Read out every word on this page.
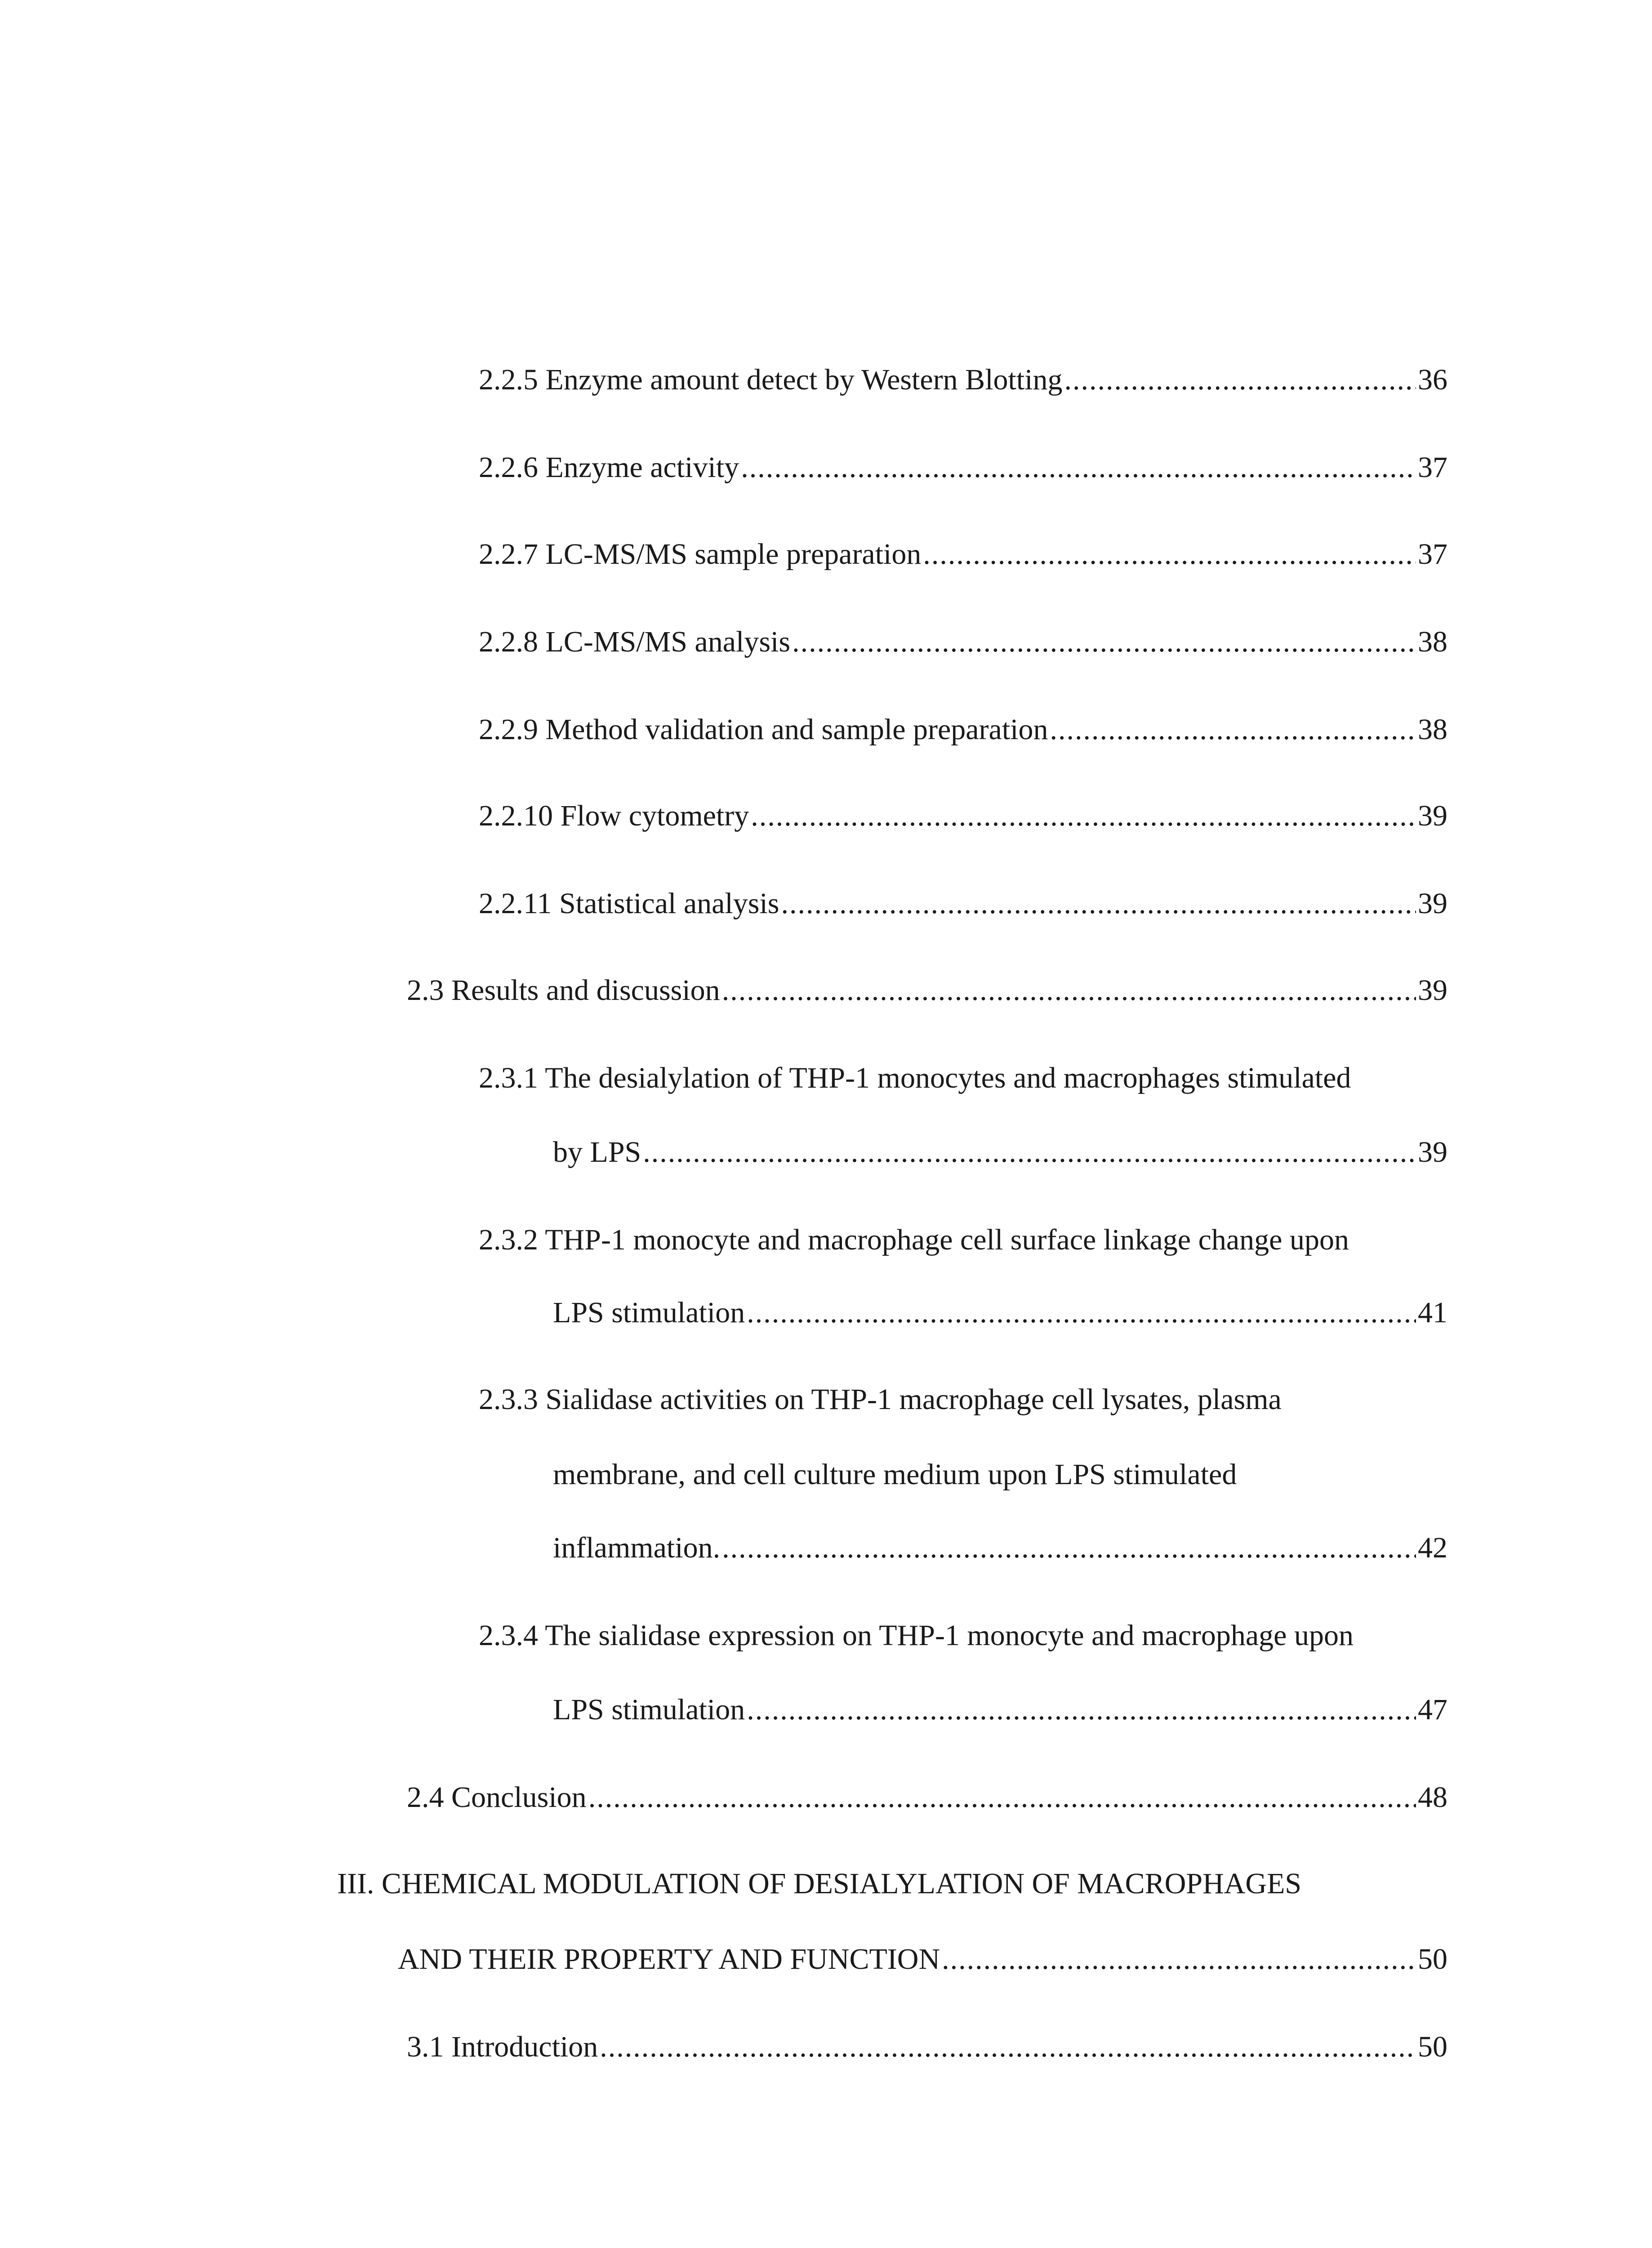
2.2.5 Enzyme amount detect by Western Blotting .....	36
2.2.6 Enzyme activity .....	37
2.2.7 LC-MS/MS sample preparation .....	37
2.2.8 LC-MS/MS analysis .....	38
2.2.9 Method validation and sample preparation .....	38
2.2.10 Flow cytometry .....	39
2.2.11 Statistical analysis .....	39
2.3 Results and discussion .....	39
2.3.1 The desialylation of THP-1 monocytes and macrophages stimulated
by LPS .....	39
2.3.2 THP-1 monocyte and macrophage cell surface linkage change upon
LPS stimulation .....	41
2.3.3 Sialidase activities on THP-1 macrophage cell lysates, plasma
membrane, and cell culture medium upon LPS stimulated
inflammation. .....	42
2.3.4 The sialidase expression on THP-1 monocyte and macrophage upon
LPS stimulation .....	47
2.4 Conclusion .....	48
III. CHEMICAL MODULATION OF DESIALYLATION OF MACROPHAGES
AND THEIR PROPERTY AND FUNCTION .....	50
3.1 Introduction .....	50
